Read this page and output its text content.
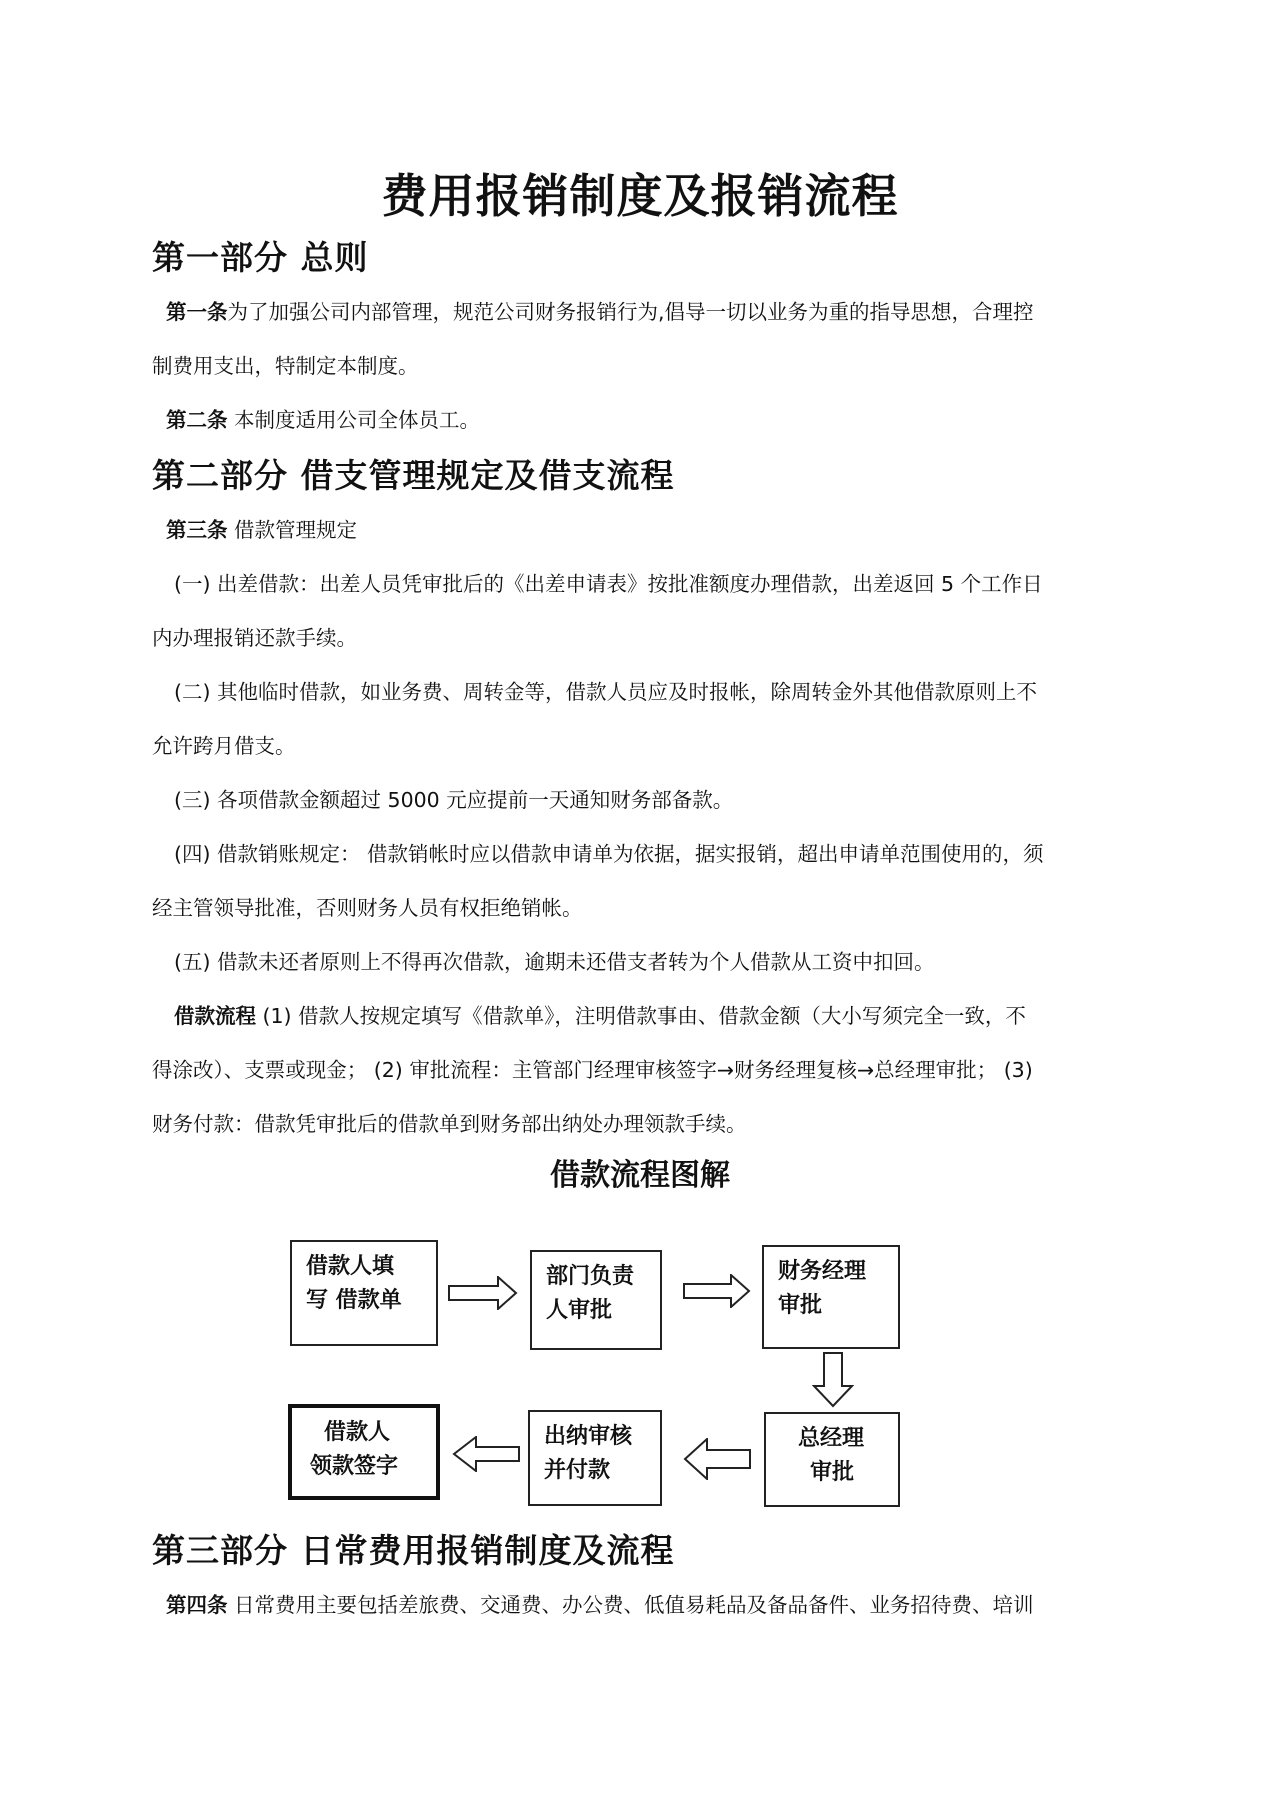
费用报销制度及报销流程
第一部分 总则
第一条为了加强公司内部管理，规范公司财务报销行为,倡导一切以业务为重的指导思想，合理控
制费用支出，特制定本制度。
第二条 本制度适用公司全体员工。
第二部分 借支管理规定及借支流程
第三条 借款管理规定
(一) 出差借款：出差人员凭审批后的《出差申请表》按批准额度办理借款，出差返回 5 个工作日
内办理报销还款手续。
(二) 其他临时借款，如业务费、周转金等，借款人员应及时报帐，除周转金外其他借款原则上不
允许跨月借支。
(三) 各项借款金额超过 5000 元应提前一天通知财务部备款。
(四) 借款销账规定： 借款销帐时应以借款申请单为依据，据实报销，超出申请单范围使用的，须
经主管领导批准，否则财务人员有权拒绝销帐。
(五) 借款未还者原则上不得再次借款，逾期未还借支者转为个人借款从工资中扣回。
借款流程 (1) 借款人按规定填写《借款单》，注明借款事由、借款金额（大小写须完全一致，不
得涂改）、支票或现金； (2) 审批流程：主管部门经理审核签字→财务经理复核→总经理审批； (3)
财务付款：借款凭审批后的借款单到财务部出纳处办理领款手续。
借款流程图解
借款人填
写 借款单
部门负责
人审批
财务经理
审批
总经理
审批
出纳审核
并付款
借款人
领款签字
第三部分 日常费用报销制度及流程
第四条 日常费用主要包括差旅费、交通费、办公费、低值易耗品及备品备件、业务招待费、培训
